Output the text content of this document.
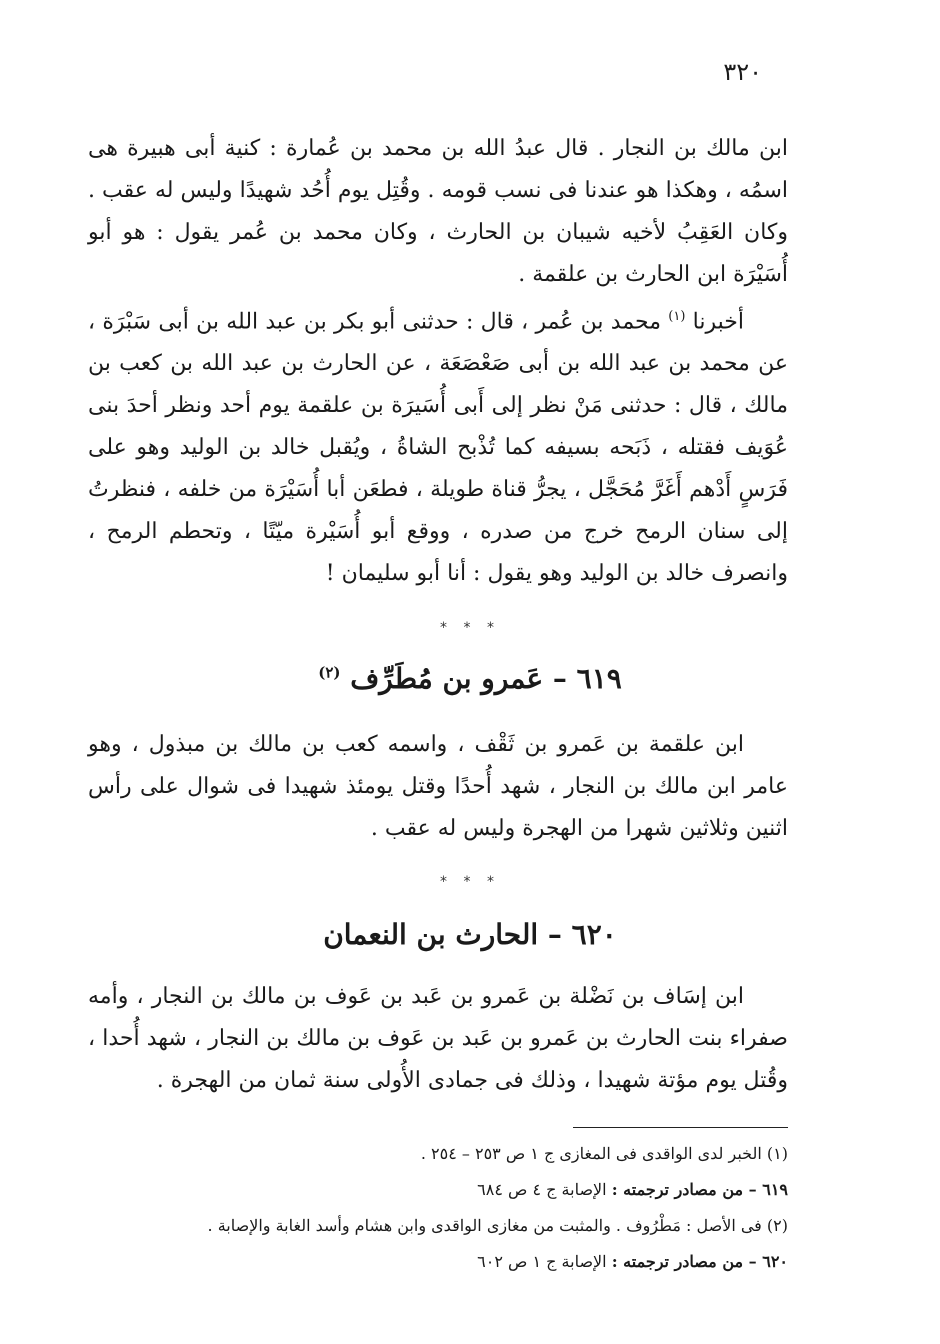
٣٢٠

ابن مالك بن النجار . قال عبدُ الله بن محمد بن عُمارة : كنية أبى هبيرة هى اسمُه ، وهكذا هو عندنا فى نسب قومه . وقُتِل يوم أُحُد شهيدًا وليس له عقب . وكان العَقِبُ لأخيه شيبان بن الحارث ، وكان محمد بن عُمر يقول : هو أبو أُسَيْرَة ابن الحارث بن علقمة .

أخبرنا $^{(١)}$ محمد بن عُمر ، قال : حدثنى أبو بكر بن عبد الله بن أبى سَبْرَة ، عن محمد بن عبد الله بن أبى صَعْصَعَة ، عن الحارث بن عبد الله بن كعب بن مالك ، قال : حدثنى مَنْ نظر إلى أَبى أُسَيرَة بن علقمة يوم أحد ونظر أحدَ بنى عُوَيف فقتله ، ذَبَحه بسيفه كما تُذْبح الشاةُ ، ويُقبل خالد بن الوليد وهو على فَرَسٍ أَدْهم أَغَرَّ مُحَجَّل ، يجرُّ قناة طويلة ، فطعَن أبا أُسَيْرَة من خلفه ، فنظرتُ إلى سنان الرمح خرج من صدره ، ووقع أبو أُسَيْرة ميّتًا ، وتحطم الرمح ، وانصرف خالد بن الوليد وهو يقول : أنا أبو سليمان !

* * *
٦١٩ – عَمرو بن مُطَرِّف $^{(٢)}$

ابن علقمة بن عَمرو بن ثَقْف ، واسمه كعب بن مالك بن مبذول ، وهو عامر ابن مالك بن النجار ، شهد أُحدًا وقتل يومئذ شهيدا فى شوال على رأس اثنين وثلاثين شهرا من الهجرة وليس له عقب .

* * *
٦٢٠ – الحارث بن النعمان

ابن إسَاف بن نَضْلة بن عَمرو بن عَبد بن عَوف بن مالك بن النجار ، وأمه صفراء بنت الحارث بن عَمرو بن عَبد بن عَوف بن مالك بن النجار ، شهد أُحدا ، وقُتل يوم مؤتة شهيدا ، وذلك فى جمادى الأُولى سنة ثمان من الهجرة .

(١) الخبر لدى الواقدى فى المغازى ج ١ ص ٢٥٣ – ٢٥٤ .

٦١٩ – من مصادر ترجمته : الإصابة ج ٤ ص ٦٨٤

(٢) فى الأصل : مَطْرُوف . والمثبت من مغازى الواقدى وابن هشام وأسد الغابة والإصابة .

٦٢٠ – من مصادر ترجمته : الإصابة ج ١ ص ٦٠٢
